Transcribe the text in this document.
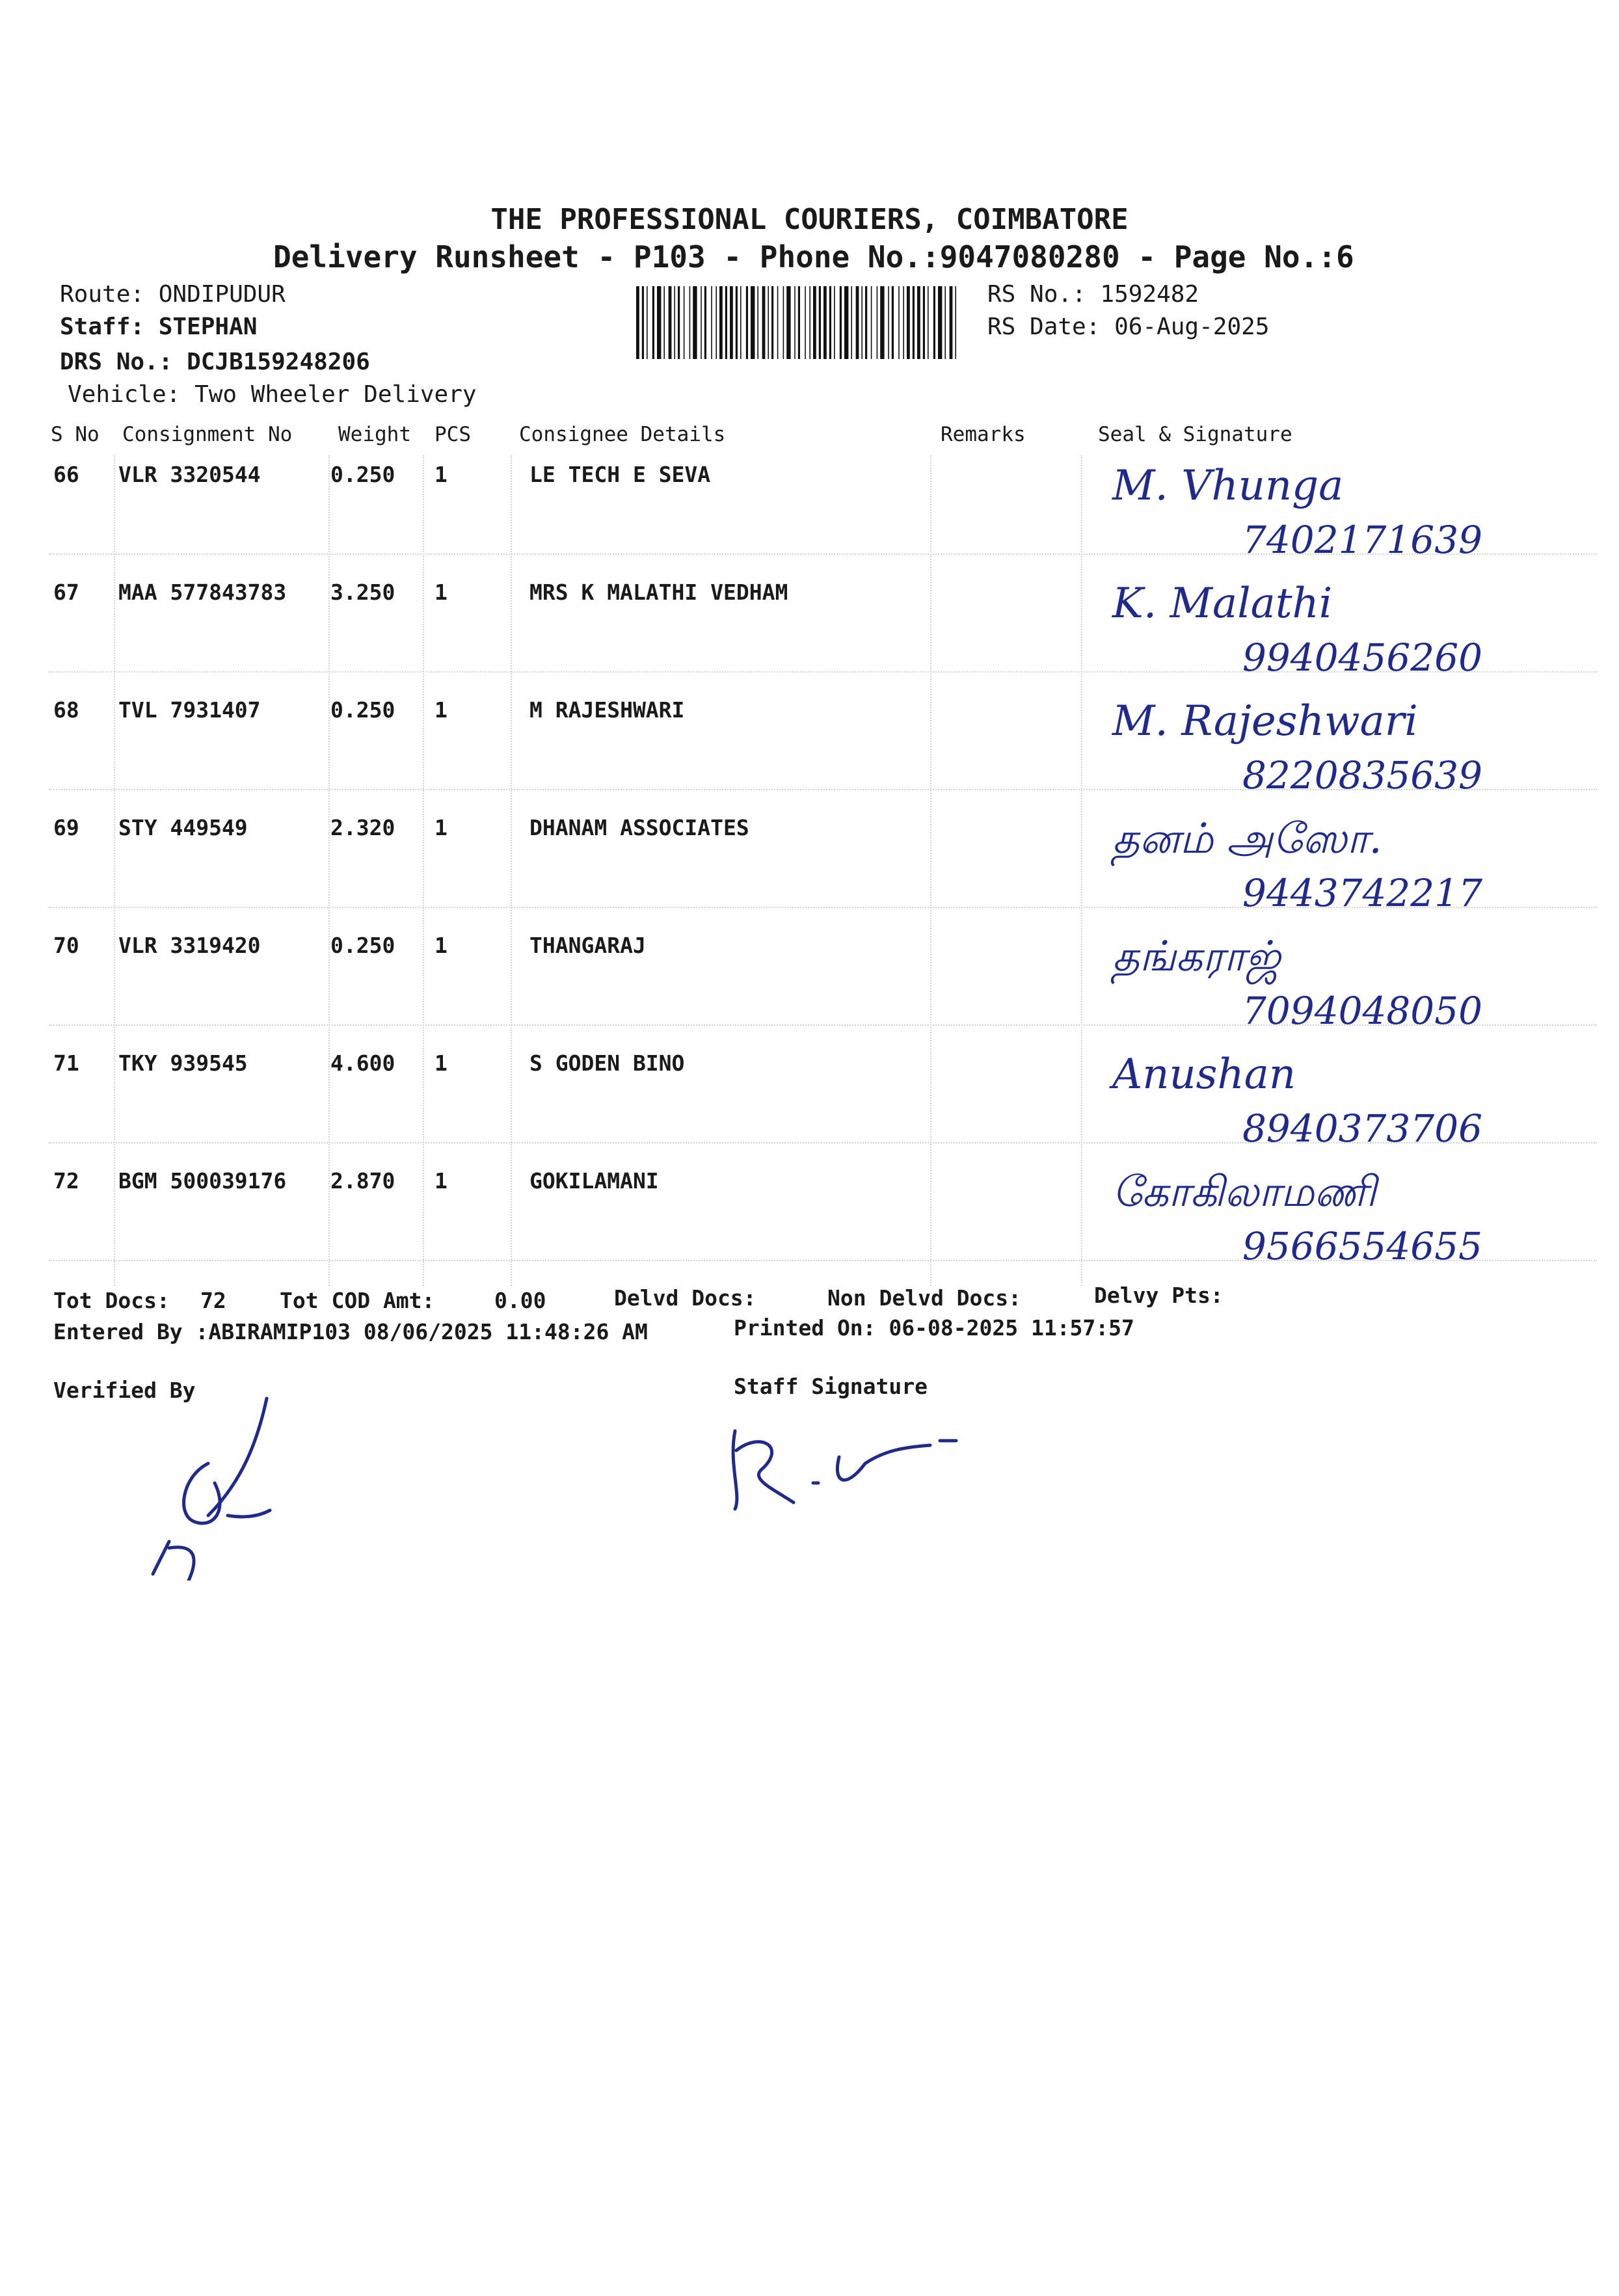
THE PROFESSIONAL COURIERS, COIMBATORE
Delivery Runsheet - P103 - Phone No.:9047080280 - Page No.:6
Route: ONDIPUDUR
Staff: STEPHAN
DRS No.: DCJB159248206
Vehicle: Two Wheeler Delivery
RS No.: 1592482
RS Date: 06-Aug-2025
S No Consignment No Weight PCS Consignee Details	Remarks	Seal & Signature
66 VLR 3320544	0.250 1	LE TECH E SEVA	M. Vhunga
7402171639
67 MAA 577843783 3.250 1	MRS K MALATHI VEDHAM	K. Malathi
9940456260
68 TVL 7931407	0.250 1	M RAJESHWARI	M. Rajeshwari
8220835639
69 STY 449549	2.320 1	DHANAM ASSOCIATES	தனம் அஸோ.
9443742217
70 VLR 3319420	0.250 1	THANGARAJ	தங்கராஜ்
7094048050
71 TKY 939545	4.600 1	S GODEN BINO	Anushan
8940373706
72 BGM 500039176 2.870 1	GOKILAMANI	கோகிலாமணி
9566554655
Tot Docs: 72 Tot COD Amt:	0.00	Delvd Docs:	Non Delvd Docs:	Delvy Pts:
Entered By :ABIRAMIP103 08/06/2025 11:48:26 AM	Printed On: 06-08-2025 11:57:57
Verified By	Staff Signature
